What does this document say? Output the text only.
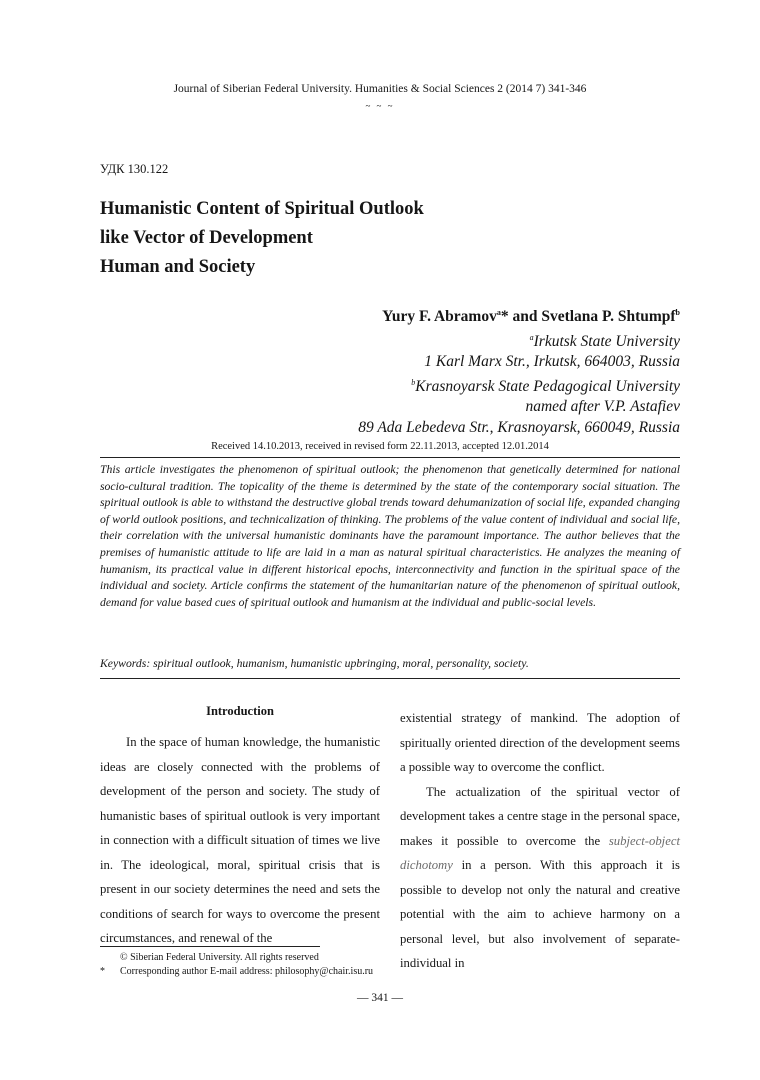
Journal of Siberian Federal University. Humanities & Social Sciences 2 (2014 7) 341-346
~ ~ ~
УДК 130.122
Humanistic Content of Spiritual Outlook
like Vector of Development
Human and Society
Yury F. Abramov$^a$* and Svetlana P. Shtumpf$^b$
$^a$Irkutsk State University
1 Karl Marx Str., Irkutsk, 664003, Russia
$^b$Krasnoyarsk State Pedagogical University
named after V.P. Astafiev
89 Ada Lebedeva Str., Krasnoyarsk, 660049, Russia
Received 14.10.2013, received in revised form 22.11.2013, accepted 12.01.2014

This article investigates the phenomenon of spiritual outlook; the phenomenon that genetically determined for national socio-cultural tradition. The topicality of the theme is determined by the state of the contemporary social situation. The spiritual outlook is able to withstand the destructive global trends toward dehumanization of social life, expanded changing of world outlook positions, and technicalization of thinking. The problems of the value content of individual and social life, their correlation with the universal humanistic dominants have the paramount importance. The author believes that the premises of humanistic attitude to life are laid in a man as natural spiritual characteristics. He analyzes the meaning of humanism, its practical value in different historical epochs, interconnectivity and function in the spiritual space of the individual and society. Article confirms the statement of the humanitarian nature of the phenomenon of spiritual outlook, demand for value based cues of spiritual outlook and humanism at the individual and public-social levels.

Keywords: spiritual outlook, humanism, humanistic upbringing, moral, personality, society.
Introduction

In the space of human knowledge, the humanistic ideas are closely connected with the problems of development of the person and society. The study of humanistic bases of spiritual outlook is very important in connection with a difficult situation of times we live in. The ideological, moral, spiritual crisis that is present in our society determines the need and sets the conditions of search for ways to overcome the present circumstances, and renewal of the

existential strategy of mankind. The adoption of spiritually oriented direction of the development seems a possible way to overcome the conflict.

The actualization of the spiritual vector of development takes a centre stage in the personal space, makes it possible to overcome the subject-object dichotomy in a person. With this approach it is possible to develop not only the natural and creative potential with the aim to achieve harmony on a personal level, but also involvement of separate-individual in

© Siberian Federal University. All rights reserved
* Corresponding author E-mail address: philosophy@chair.isu.ru
― 341 ―
